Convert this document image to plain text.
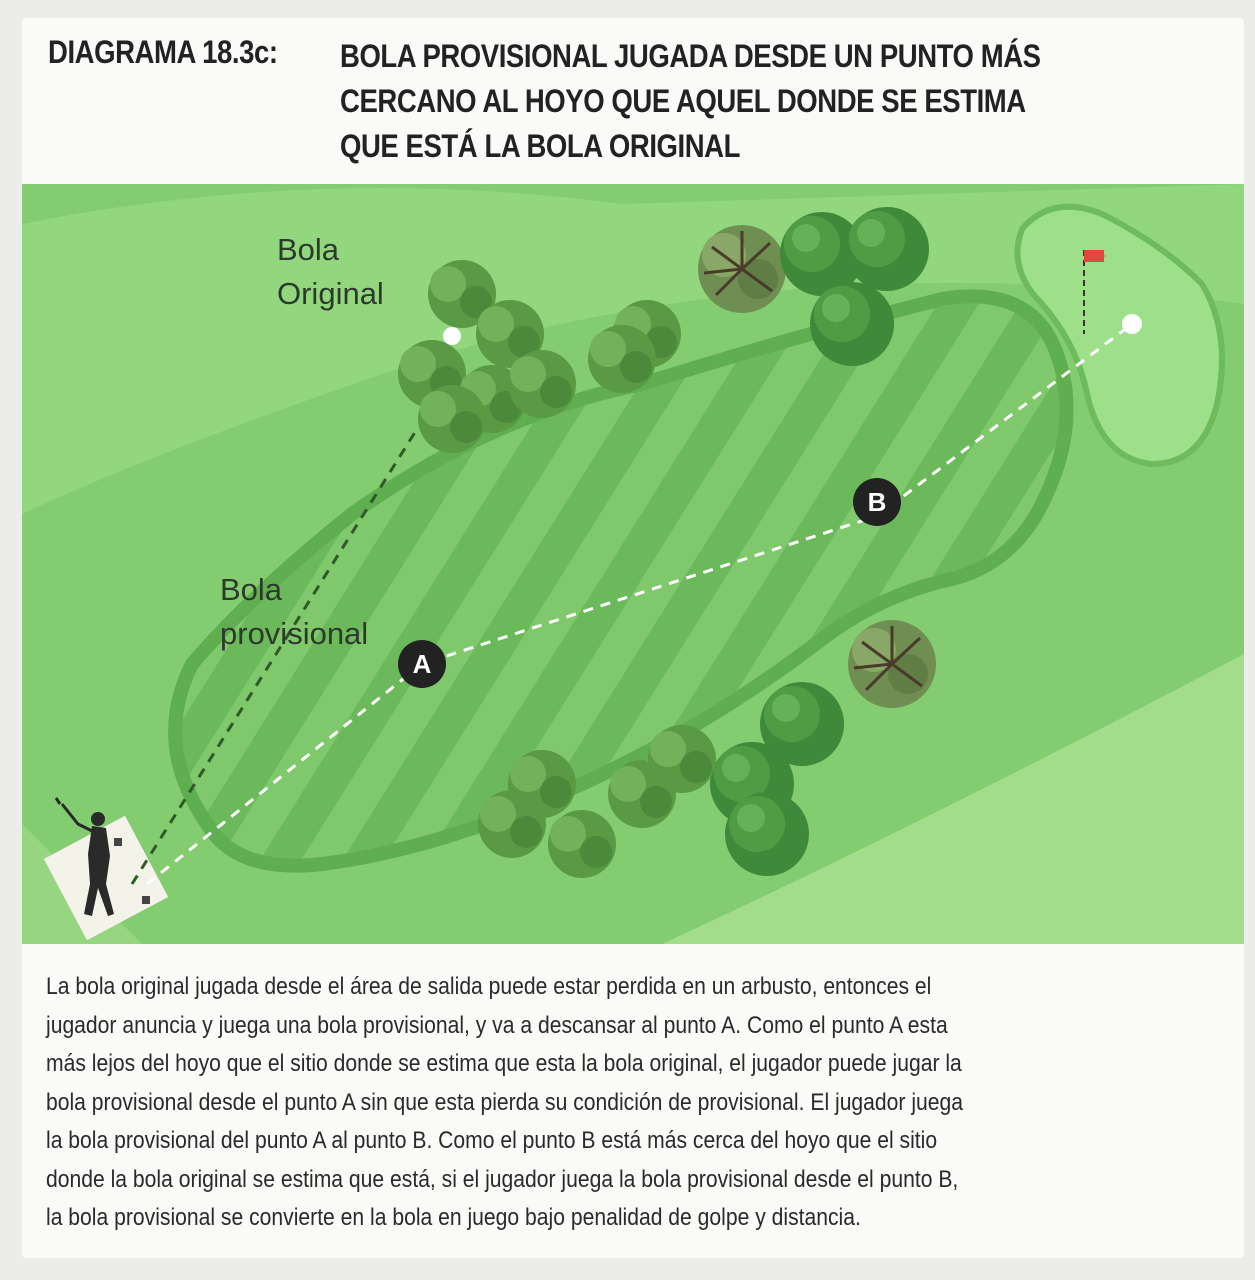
DIAGRAMA 18.3c: BOLA PROVISIONAL JUGADA DESDE UN PUNTO MÁS
CERCANO AL HOYO QUE AQUEL DONDE SE ESTIMA
QUE ESTÁ LA BOLA ORIGINAL
A
B
Bola
Original
Bola
provisional
La bola original jugada desde el área de salida puede estar perdida en un arbusto, entonces el
jugador anuncia y juega una bola provisional, y va a descansar al punto A. Como el punto A esta
más lejos del hoyo que el sitio donde se estima que esta la bola original, el jugador puede jugar la
bola provisional desde el punto A sin que esta pierda su condición de provisional. El jugador juega
la bola provisional del punto A al punto B. Como el punto B está más cerca del hoyo que el sitio
donde la bola original se estima que está, si el jugador juega la bola provisional desde el punto B,
la bola provisional se convierte en la bola en juego bajo penalidad de golpe y distancia.
